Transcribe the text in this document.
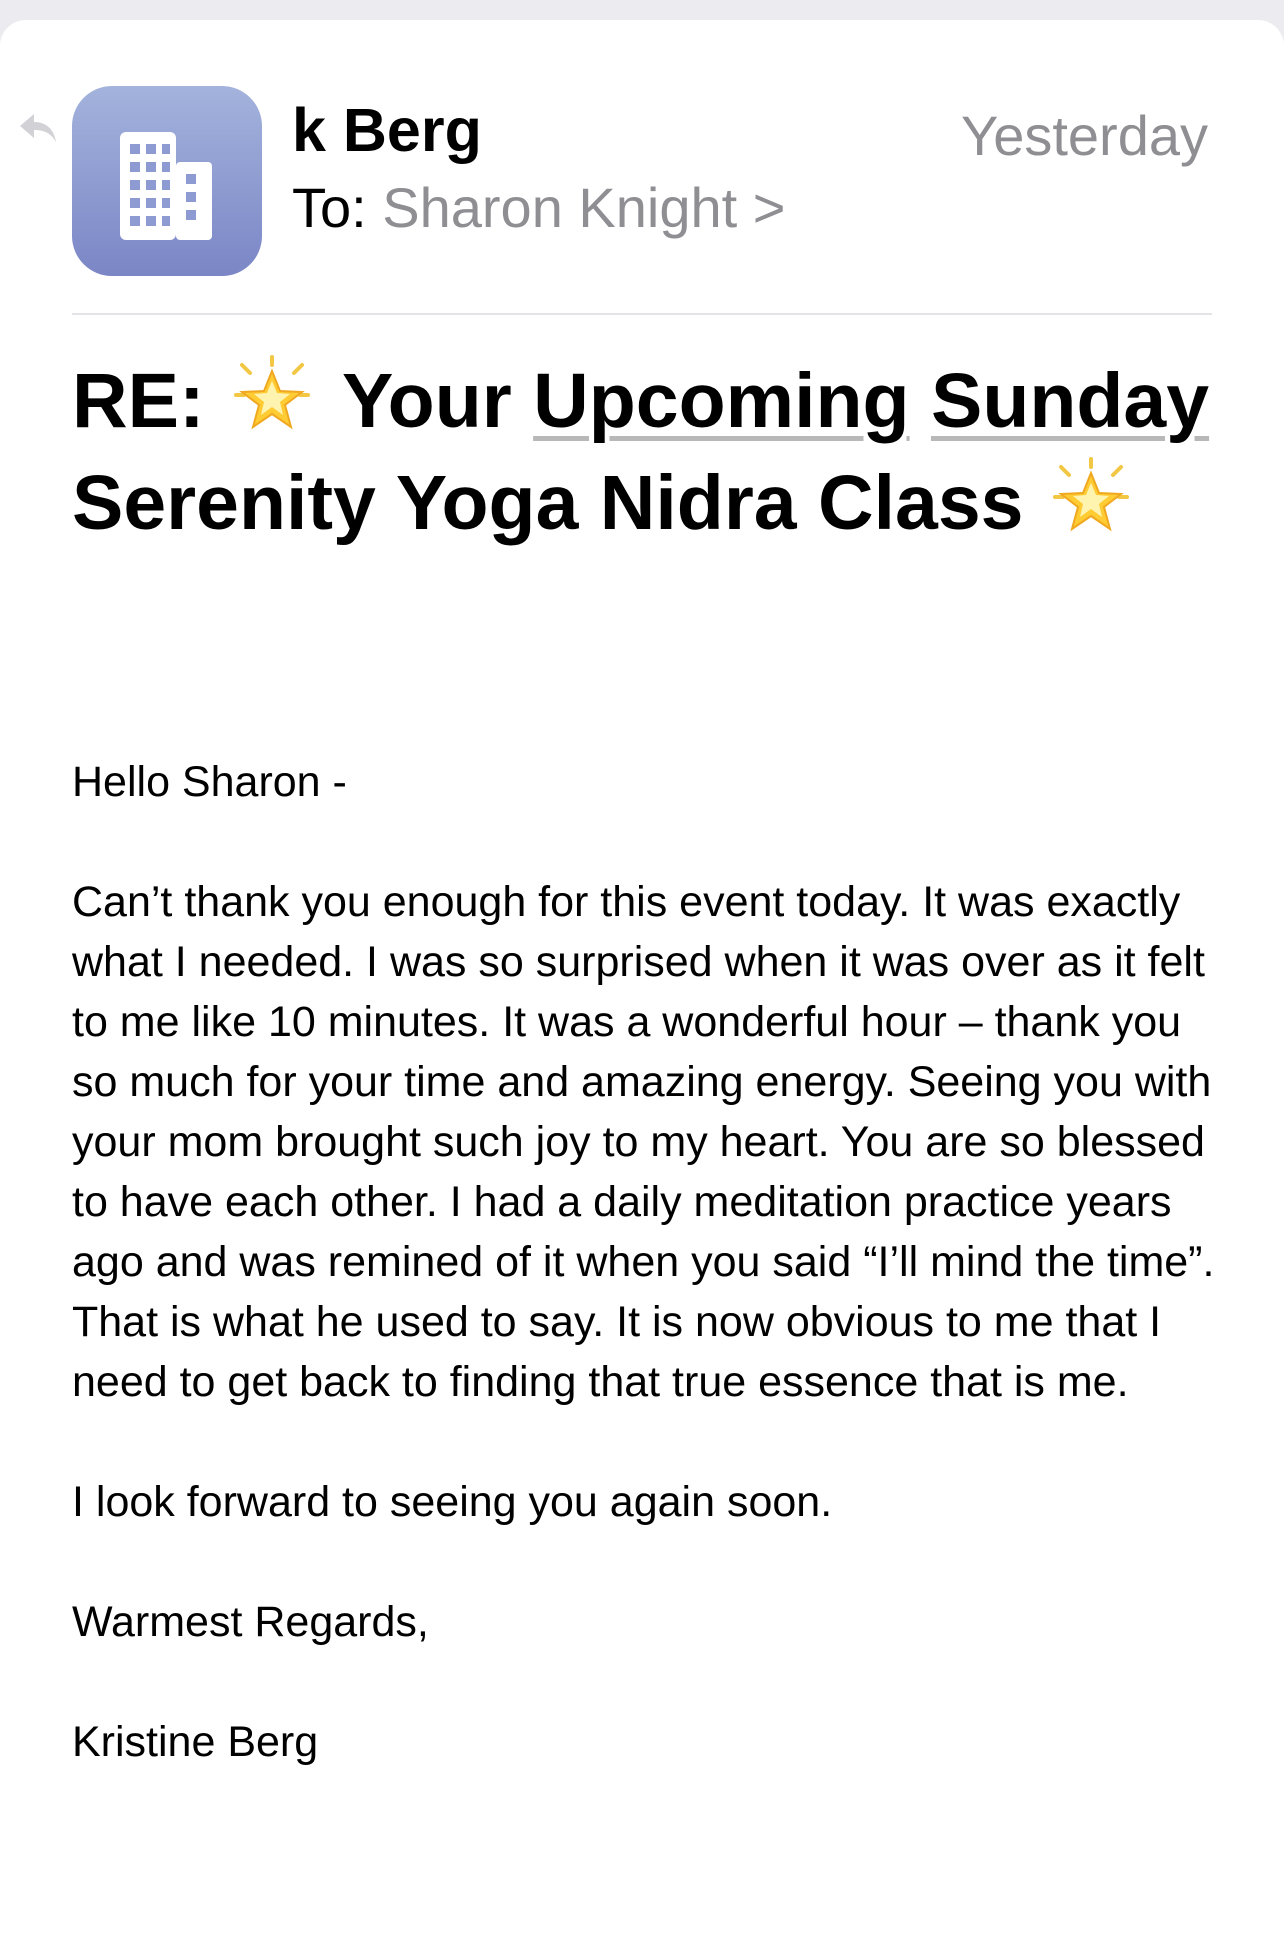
k Berg
To: Sharon Knight >
Yesterday
RE: Your Upcoming Sunday Serenity Yoga Nidra Class

Hello Sharon -

Can’t thank you enough for this event today. It was exactly what I needed. I was so surprised when it was over as it felt to me like 10 minutes. It was a wonderful hour – thank you so much for your time and amazing energy. Seeing you with your mom brought such joy to my heart. You are so blessed to have each other. I had a daily meditation practice years ago and was remined of it when you said “I’ll mind the time”. That is what he used to say. It is now obvious to me that I need to get back to finding that true essence that is me.

I look forward to seeing you again soon.

Warmest Regards,

Kristine Berg
